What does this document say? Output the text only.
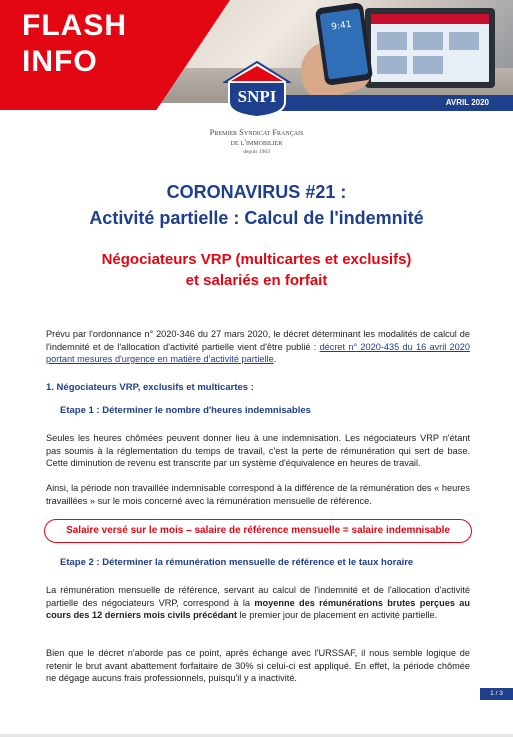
9:41
FLASH
INFO
AVRIL 2020
SNPI
Premier Syndicat Français
de l'immobilier
depuis 1963
CORONAVIRUS #21 :
Activité partielle : Calcul de l'indemnité
Négociateurs VRP (multicartes et exclusifs)
et salariés en forfait
Prévu par l'ordonnance n° 2020-346 du 27 mars 2020, le décret déterminant les modalités de calcul de l'indemnité et de l'allocation d'activité partielle vient d'être publié : décret n° 2020-435 du 16 avril 2020 portant mesures d'urgence en matière d'activité partielle.
1. Négociateurs VRP, exclusifs et multicartes :
Etape 1 : Déterminer le nombre d'heures indemnisables
Seules les heures chômées peuvent donner lieu à une indemnisation. Les négociateurs VRP n'étant pas soumis à la réglementation du temps de travail, c'est la perte de rémunération qui sert de base. Cette diminution de revenu est transcrite par un système d'équivalence en heures de travail.
Ainsi, la période non travaillée indemnisable correspond à la différence de la rémunération des « heures travaillées » sur le mois concerné avec la rémunération mensuelle de référence.
Salaire versé sur le mois – salaire de référence mensuelle = salaire indemnisable
Etape 2 : Déterminer la rémunération mensuelle de référence et le taux horaire
La rémunération mensuelle de référence, servant au calcul de l'indemnité et de l'allocation d'activité partielle des négociateurs VRP, correspond à la moyenne des rémunérations brutes perçues au cours des 12 derniers mois civils précédant le premier jour de placement en activité partielle.
Bien que le décret n'aborde pas ce point, après échange avec l'URSSAF, il nous semble logique de retenir le brut avant abattement forfaitaire de 30% si celui-ci est appliqué. En effet, la période chômée ne dégage aucuns frais professionnels, puisqu'il y a inactivité.
1 / 3
